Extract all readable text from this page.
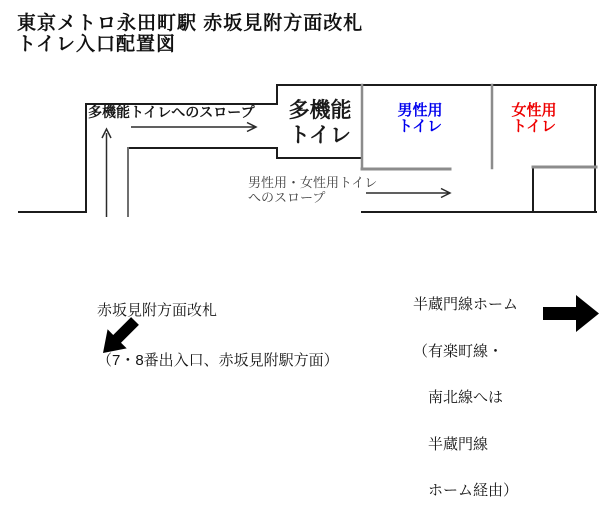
東京メトロ永田町駅 赤坂見附方面改札
トイレ入口配置図
多機能トイレへのスロープ 多機能
トイレ
男性用
トイレ
女性用
トイレ
男性用・女性用トイレ
へのスロープ

赤坂見附方面改札

（7・8番出入口、赤坂見附駅方面）

半蔵門線ホーム

（有楽町線・

　南北線へは

　半蔵門線

　ホーム経由）
